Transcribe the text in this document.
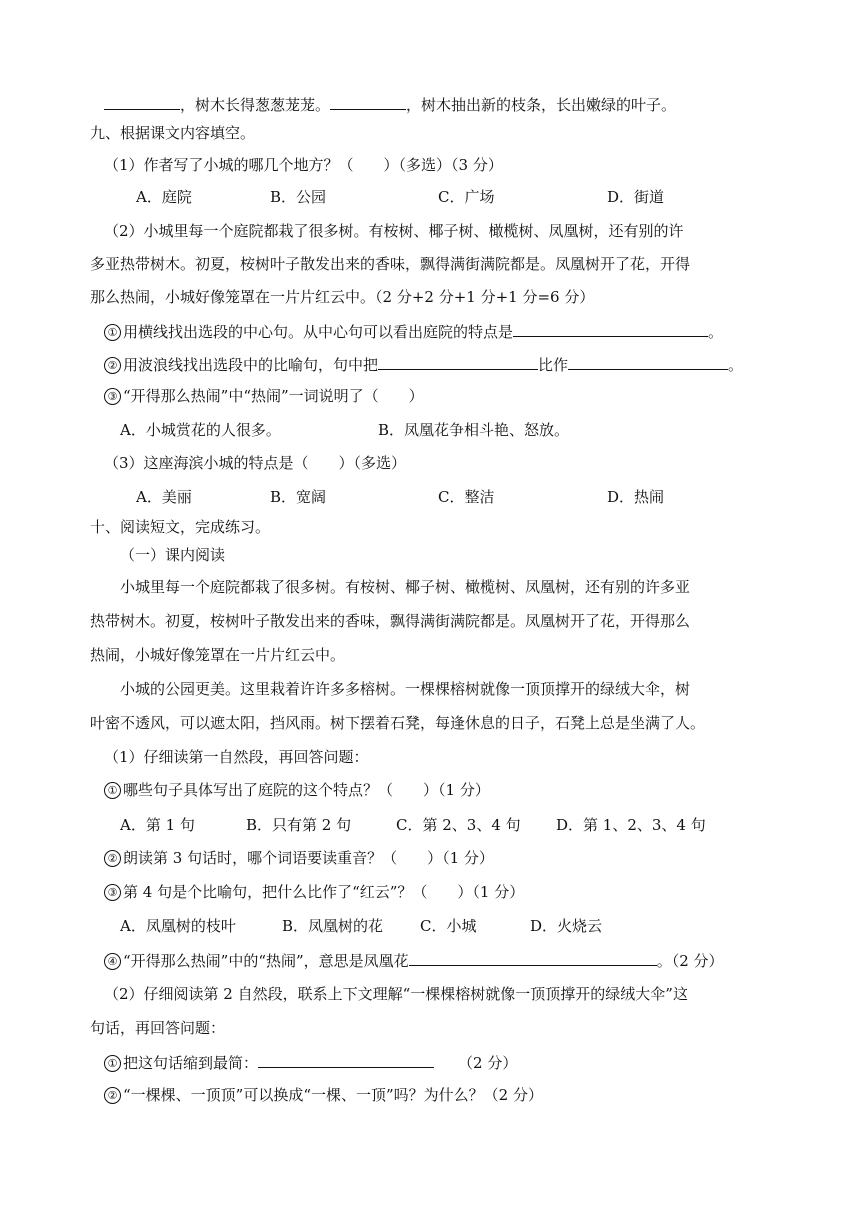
，树木长得葱葱茏茏。	，树木抽出新的枝条，长出嫩绿的叶子。
九、根据课文内容填空。
（1）作者写了小城的哪几个地方？（　　）（多选）（3 分）
A．庭院	B．公园	C．广场	D．街道
（2）小城里每一个庭院都栽了很多树。有桉树、椰子树、橄榄树、凤凰树，还有别的许
多亚热带树木。初夏，桉树叶子散发出来的香味，飘得满街满院都是。凤凰树开了花，开得
那么热闹，小城好像笼罩在一片片红云中。（2 分+2 分+1 分+1 分=6 分）
① 用横线找出选段的中心句。从中心句可以看出庭院的特点是	。
② 用波浪线找出选段中的比喻句，句中把	比作	。
③ “开得那么热闹”中“热闹”一词说明了（　　）
A．小城赏花的人很多。	B．凤凰花争相斗艳、怒放。
（3）这座海滨小城的特点是（　　）（多选）
A．美丽	B．宽阔	C．整洁	D．热闹
十、阅读短文，完成练习。
（一）课内阅读
小城里每一个庭院都栽了很多树。有桉树、椰子树、橄榄树、凤凰树，还有别的许多亚
热带树木。初夏，桉树叶子散发出来的香味，飘得满街满院都是。凤凰树开了花，开得那么
热闹，小城好像笼罩在一片片红云中。
小城的公园更美。这里栽着许许多多榕树。一棵棵榕树就像一顶顶撑开的绿绒大伞，树
叶密不透风，可以遮太阳，挡风雨。树下摆着石凳，每逢休息的日子，石凳上总是坐满了人。
（1）仔细读第一自然段，再回答问题：
① 哪些句子具体写出了庭院的这个特点？（　　）（1 分）
A．第 1 句	B．只有第 2 句	C．第 2、3、4 句 D．第 1、2、3、4 句
② 朗读第 3 句话时，哪个词语要读重音？（　　）（1 分）
③ 第 4 句是个比喻句，把什么比作了“红云”？（　　）（1 分）
A．凤凰树的枝叶	B．凤凰树的花 C．小城	D．火烧云
④ “开得那么热闹”中的“热闹”，意思是凤凰花	。（2 分）
（2）仔细阅读第 2 自然段，联系上下文理解“一棵棵榕树就像一顶顶撑开的绿绒大伞”这
句话，再回答问题：
① 把这句话缩到最简：	（2 分）
② “一棵棵、一顶顶”可以换成“一棵、一顶”吗？为什么？（2 分）
